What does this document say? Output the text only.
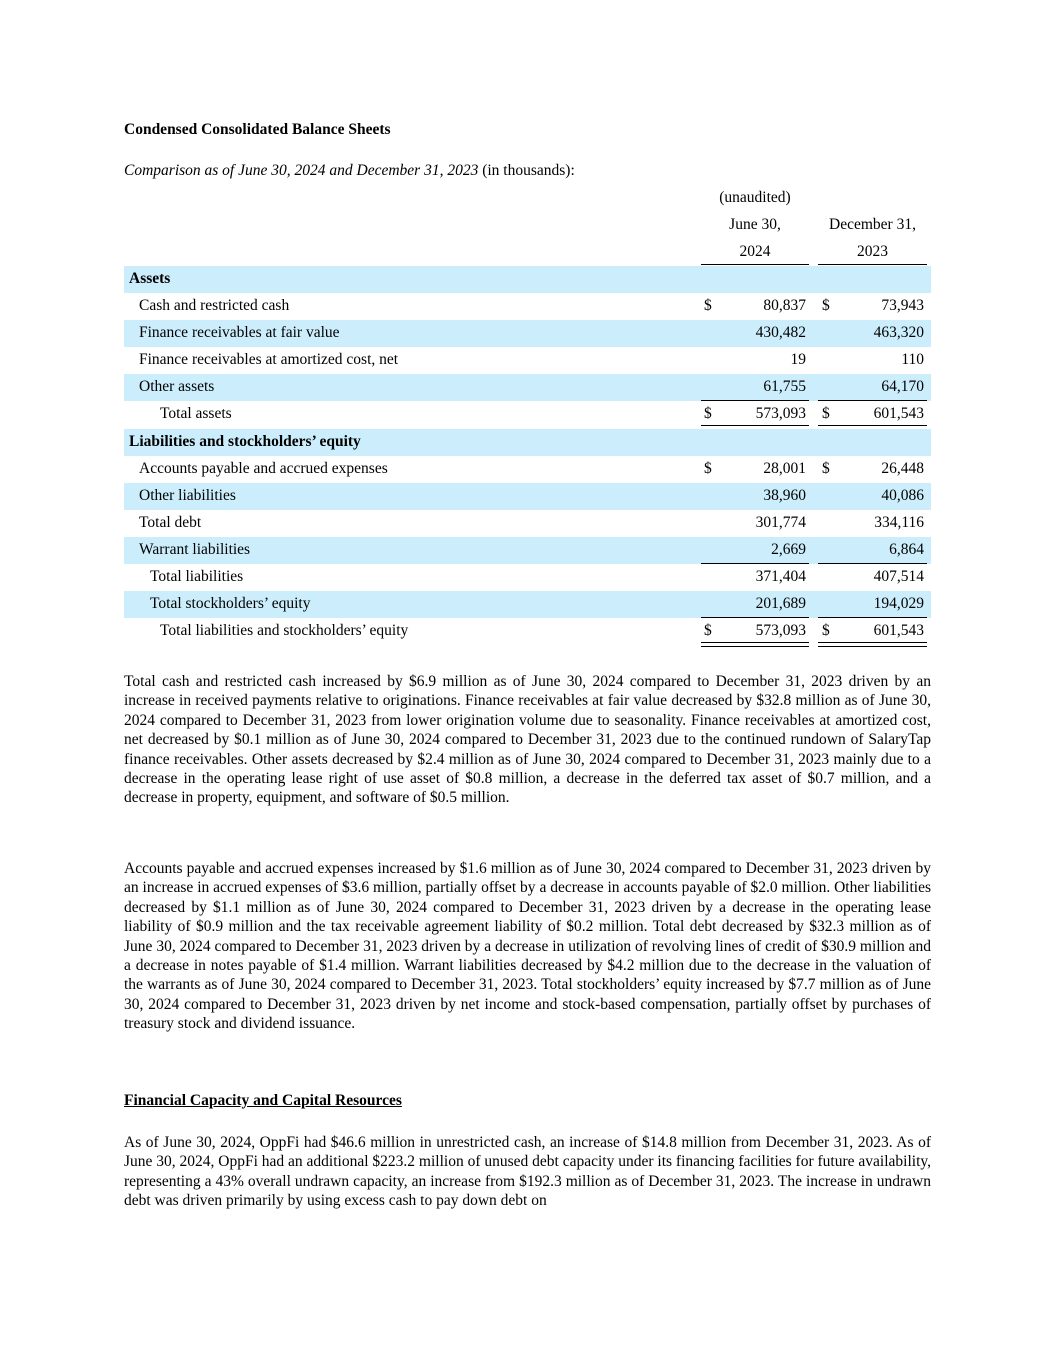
Condensed Consolidated Balance Sheets
Comparison as of June 30, 2024 and December 31, 2023 (in thousands):
(unaudited)
June 30,
2024
December 31,
2023
Assets
Cash and restricted cash	$	80,837 $	73,943
Finance receivables at fair value	430,482	463,320
Finance receivables at amortized cost, net	19	110
Other assets	61,755	64,170
Total assets	$	573,093 $	601,543
Liabilities and stockholders’ equity
Accounts payable and accrued expenses	$	28,001 $	26,448
Other liabilities	38,960	40,086
Total debt	301,774	334,116
Warrant liabilities	2,669	6,864
Total liabilities	371,404	407,514
Total stockholders’ equity	201,689	194,029
Total liabilities and stockholders’ equity	$	573,093 $	601,543
Total cash and restricted cash increased by $6.9 million as of June 30, 2024 compared to December 31, 2023 driven by an increase in received payments relative to originations. Finance receivables at fair value decreased by $32.8 million as of June 30, 2024 compared to December 31, 2023 from lower origination volume due to seasonality. Finance receivables at amortized cost, net decreased by $0.1 million as of June 30, 2024 compared to December 31, 2023 due to the continued rundown of SalaryTap finance receivables. Other assets decreased by $2.4 million as of June 30, 2024 compared to December 31, 2023 mainly due to a decrease in the operating lease right of use asset of $0.8 million, a decrease in the deferred tax asset of $0.7 million, and a decrease in property, equipment, and software of $0.5 million.
Accounts payable and accrued expenses increased by $1.6 million as of June 30, 2024 compared to December 31, 2023 driven by an increase in accrued expenses of $3.6 million, partially offset by a decrease in accounts payable of $2.0 million. Other liabilities decreased by $1.1 million as of June 30, 2024 compared to December 31, 2023 driven by a decrease in the operating lease liability of $0.9 million and the tax receivable agreement liability of $0.2 million. Total debt decreased by $32.3 million as of June 30, 2024 compared to December 31, 2023 driven by a decrease in utilization of revolving lines of credit of $30.9 million and a decrease in notes payable of $1.4 million. Warrant liabilities decreased by $4.2 million due to the decrease in the valuation of the warrants as of June 30, 2024 compared to December 31, 2023. Total stockholders’ equity increased by $7.7 million as of June 30, 2024 compared to December 31, 2023 driven by net income and stock-based compensation, partially offset by purchases of treasury stock and dividend issuance.
Financial Capacity and Capital Resources
As of June 30, 2024, OppFi had $46.6 million in unrestricted cash, an increase of $14.8 million from December 31, 2023. As of June 30, 2024, OppFi had an additional $223.2 million of unused debt capacity under its financing facilities for future availability, representing a 43% overall undrawn capacity, an increase from $192.3 million as of December 31, 2023. The increase in undrawn debt was driven primarily by using excess cash to pay down debt on
